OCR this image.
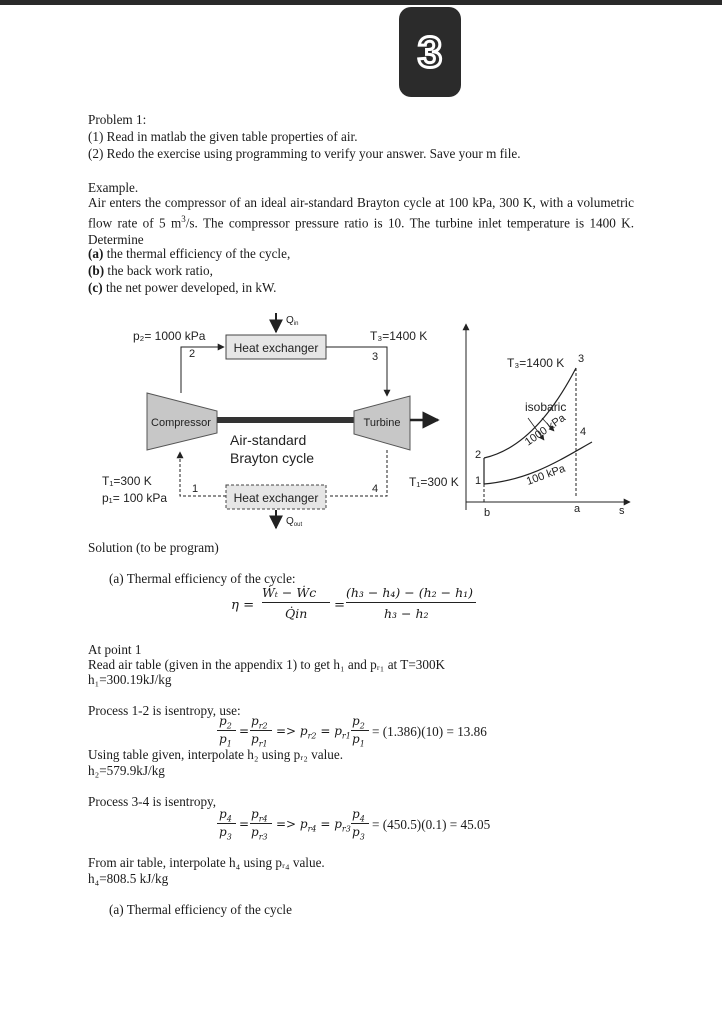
3
Problem 1:
(1) Read in matlab the given table properties of air.
(2) Redo the exercise using programming to verify your answer. Save your m file.
Example.
Air enters the compressor of an ideal air-standard Brayton cycle at 100 kPa, 300 K, with a volumetric flow rate of 5 $m^3/s$. The compressor pressure ratio is 10. The turbine inlet temperature is 1400 K. Determine
(a) the thermal efficiency of the cycle,
(b) the back work ratio,
(c) the net power developed, in kW.
Heat exchanger
$Q_{in}$
p₂= 1000 kPa
2
T₃=1400 K
3
Compressor	Turbine
Air-standard
Brayton cycle
T₁=300 K
p₁= 100 kPa
1
Heat exchanger
4
$Q_{out}$
s
T₁=300 K
T₃=1400 K
isobaric
1000 kPa
100 kPa
1
2
3
4
b	a
Solution (to be program)
(a) Thermal efficiency of the cycle:
η =
Ẇₜ − Ẇc
Q̇in
=
(h₃ − h₄) − (h₂ − h₁)
h₃ − h₂
At point 1
Read air table (given in the appendix 1) to get h₁ and pᵣ₁ at T=300K
h₁=300.19kJ/kg
Process 1-2 is isentropy, use:
$p_2$
$p_1$
=
$p_{r2}$
$p_{r1}$
=> $p_{r2} = p_{r1}$
$p_2$
$p_1$
= (1.386)(10) = 13.86
Using table given, interpolate h₂ using pᵣ₂ value.
h₂=579.9kJ/kg
Process 3-4 is isentropy,
$p_4$
$p_3$
=
$p_{r4}$
$p_{r3}$
=> $p_{r4} = p_{r3}$
$p_4$
$p_3$
= (450.5)(0.1) = 45.05
From air table, interpolate h₄ using pᵣ₄ value.
h₄=808.5 kJ/kg
(a) Thermal efficiency of the cycle
